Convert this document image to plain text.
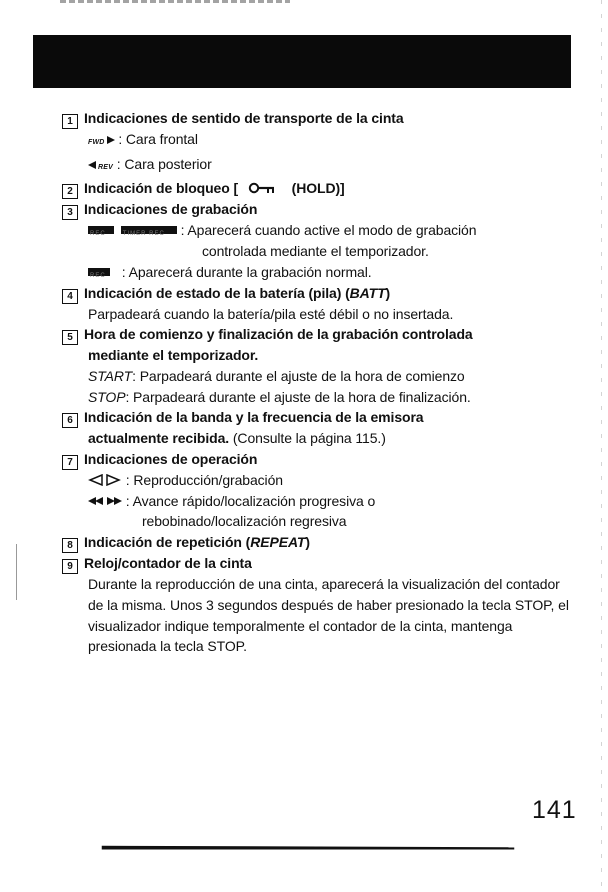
1 Indicaciones de sentido de transporte de la cinta
FWD : Cara frontal
REV : Cara posterior
2 Indicación de bloqueo [	(HOLD)]
3 Indicaciones de grabación
REC
	TIMER REC : Aparecerá cuando active el modo de grabación
controlada mediante el temporizador.
REC : Aparecerá durante la grabación normal.
4 Indicación de estado de la batería (pila) (BATT)
Parpadeará cuando la batería/pila esté débil o no insertada.
5 Hora de comienzo y finalización de la grabación controlada
mediante el temporizador.
START: Parpadeará durante el ajuste de la hora de comienzo
STOP: Parpadeará durante el ajuste de la hora de finalización.
6 Indicación de la banda y la frecuencia de la emisora
actualmente recibida. (Consulte la página 115.)
7 Indicaciones de operación
: Reproducción/grabación
: Avance rápido/localización progresiva o
rebobinado/localización regresiva
8 Indicación de repetición (REPEAT)
9 Reloj/contador de la cinta
Durante la reproducción de una cinta, aparecerá la visualización del contador de la misma. Unos 3 segundos después de haber presionado la tecla STOP, el visualizador indique temporalmente el contador de la cinta, mantenga presionada la tecla STOP.
141
